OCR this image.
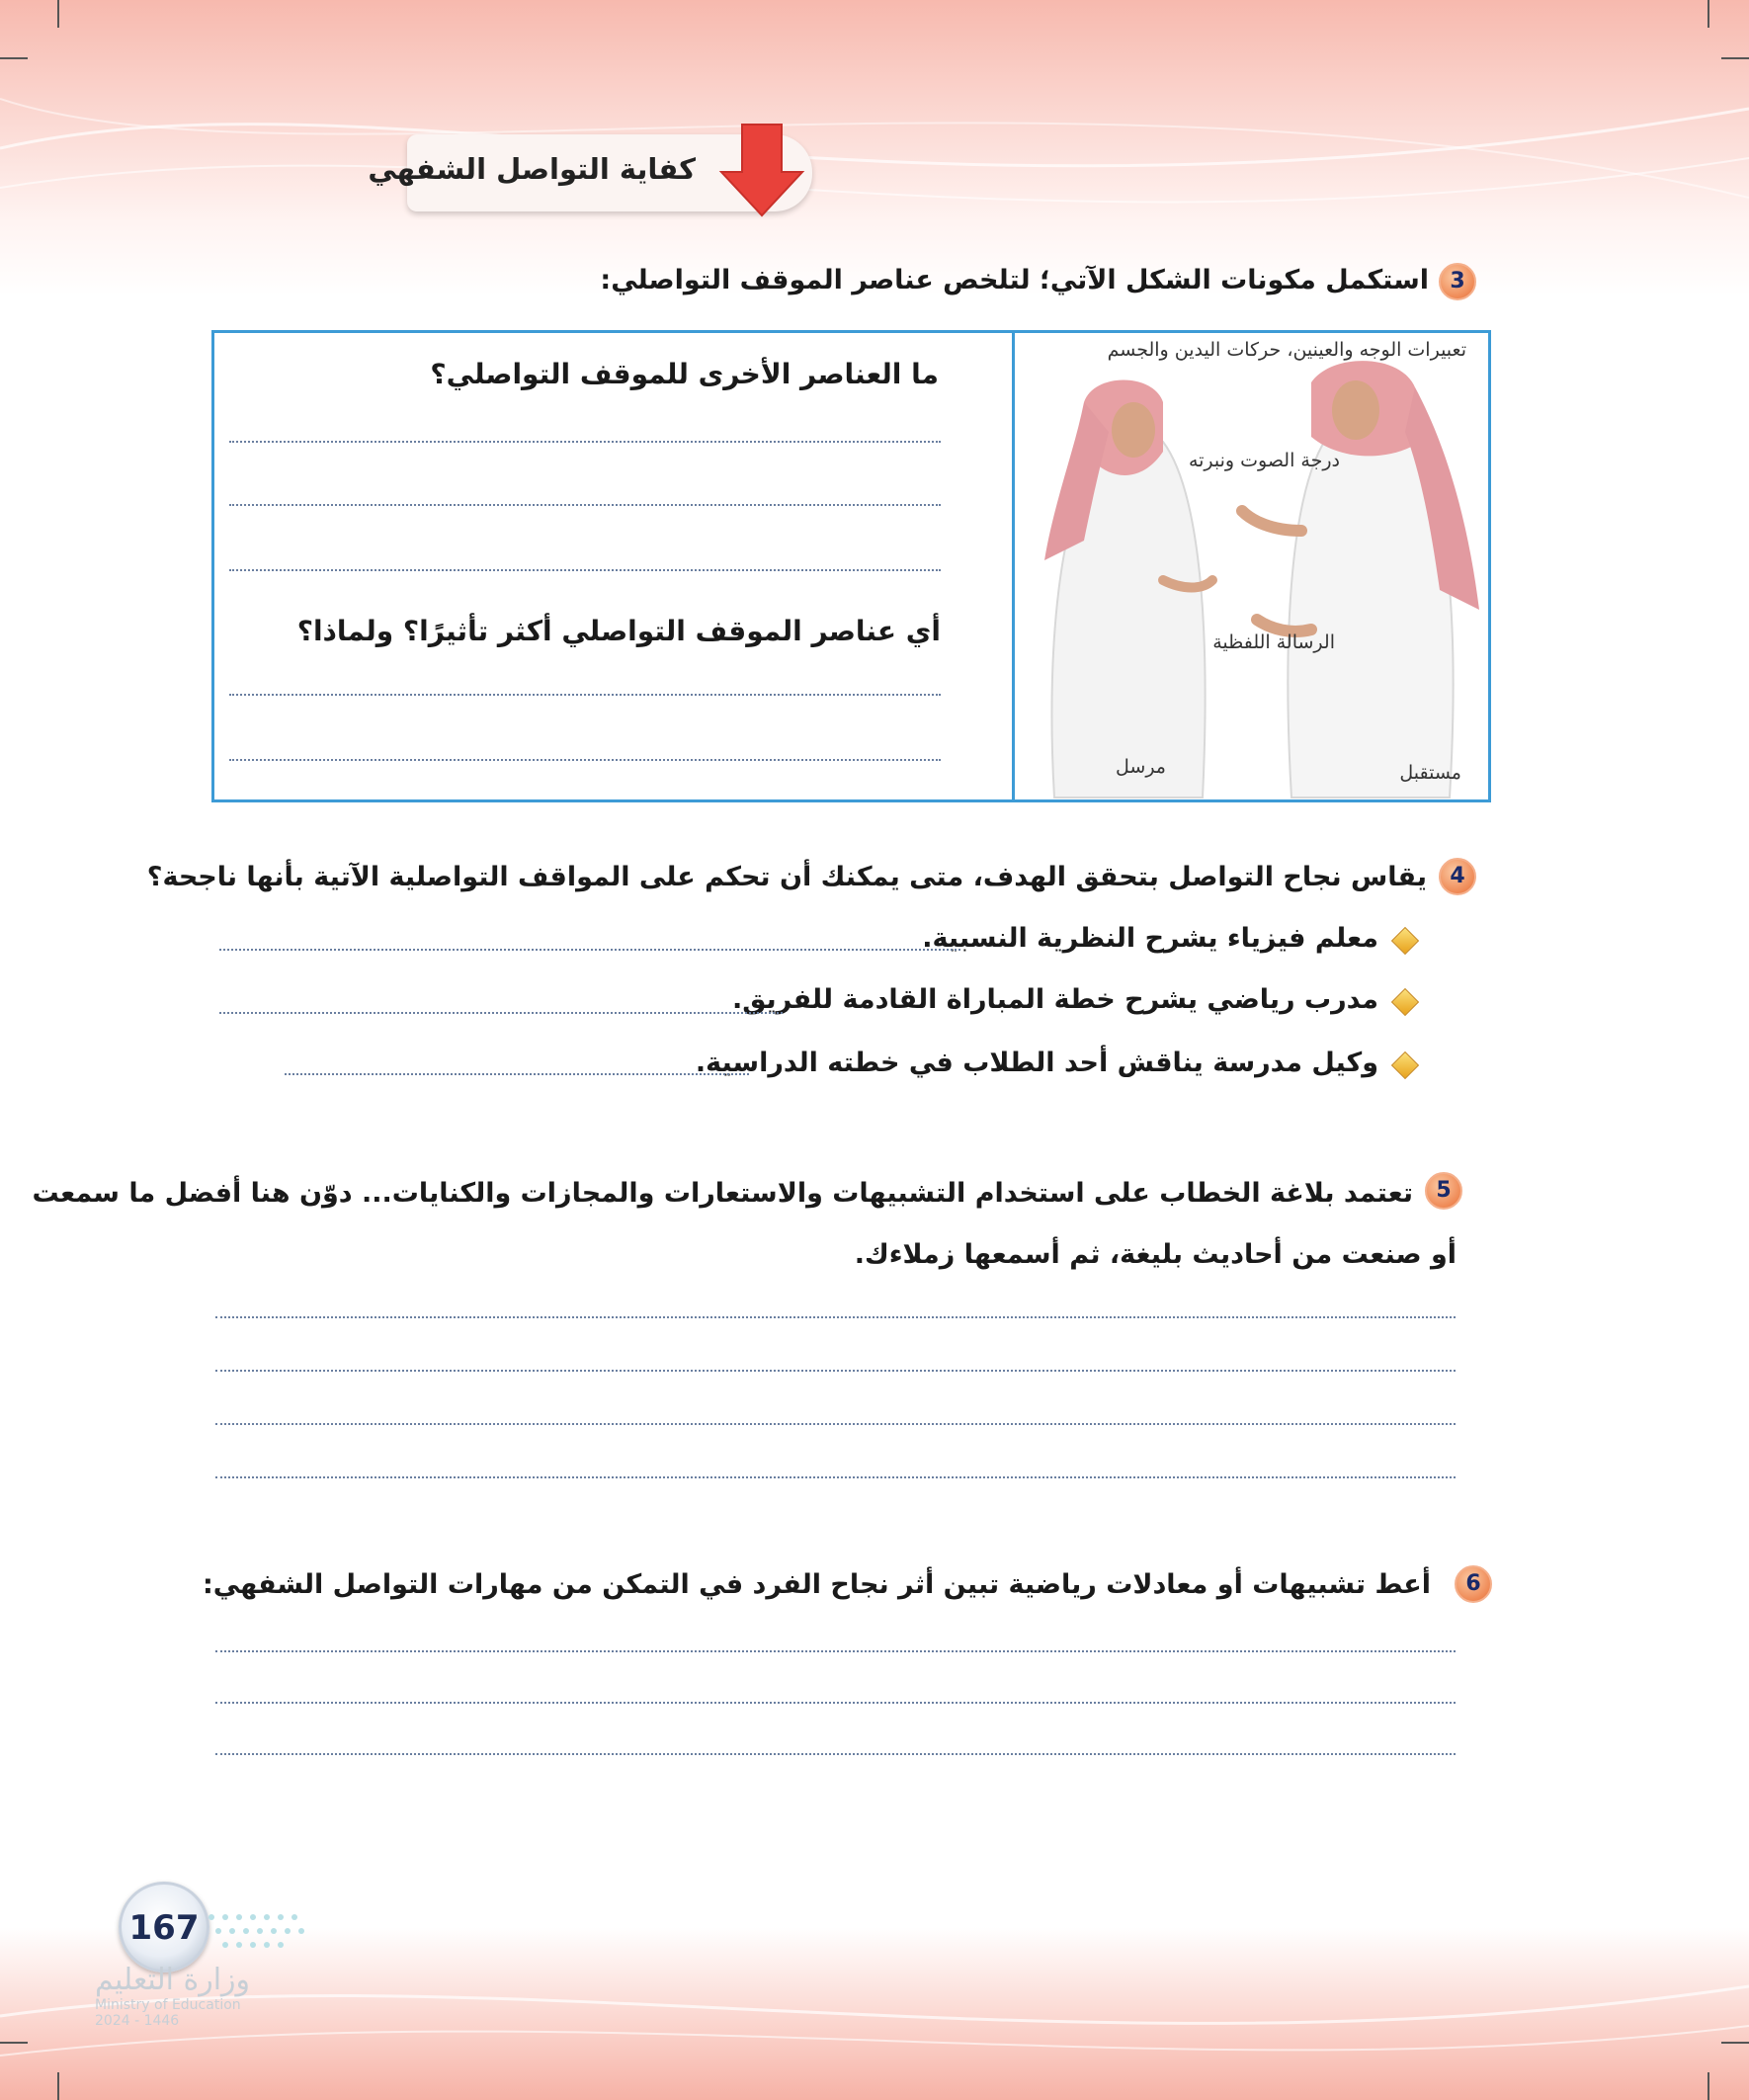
كفاية التواصل الشفهي
3
استكمل مكونات الشكل الآتي؛ لتلخص عناصر الموقف التواصلي:
ما العناصر الأخرى للموقف التواصلي؟
أي عناصر الموقف التواصلي أكثر تأثيرًا؟ ولماذا؟
تعبيرات الوجه والعينين، حركات اليدين والجسم
درجة الصوت ونبرته
الرسالة اللفظية
مرسل	مستقبل
4
يقاس نجاح التواصل بتحقق الهدف، متى يمكنك أن تحكم على المواقف التواصلية الآتية بأنها ناجحة؟
معلم فيزياء يشرح النظرية النسبية.
مدرب رياضي يشرح خطة المباراة القادمة للفريق.
وكيل مدرسة يناقش أحد الطلاب في خطته الدراسية.
5
تعتمد بلاغة الخطاب على استخدام التشبيهات والاستعارات والمجازات والكنايات... دوّن هنا أفضل ما سمعت
أو صنعت من أحاديث بليغة، ثم أسمعها زملاءك.
6
أعط تشبيهات أو معادلات رياضية تبين أثر نجاح الفرد في التمكن من مهارات التواصل الشفهي:
167
وزارة التعليم
Ministry of Education
2024 - 1446
